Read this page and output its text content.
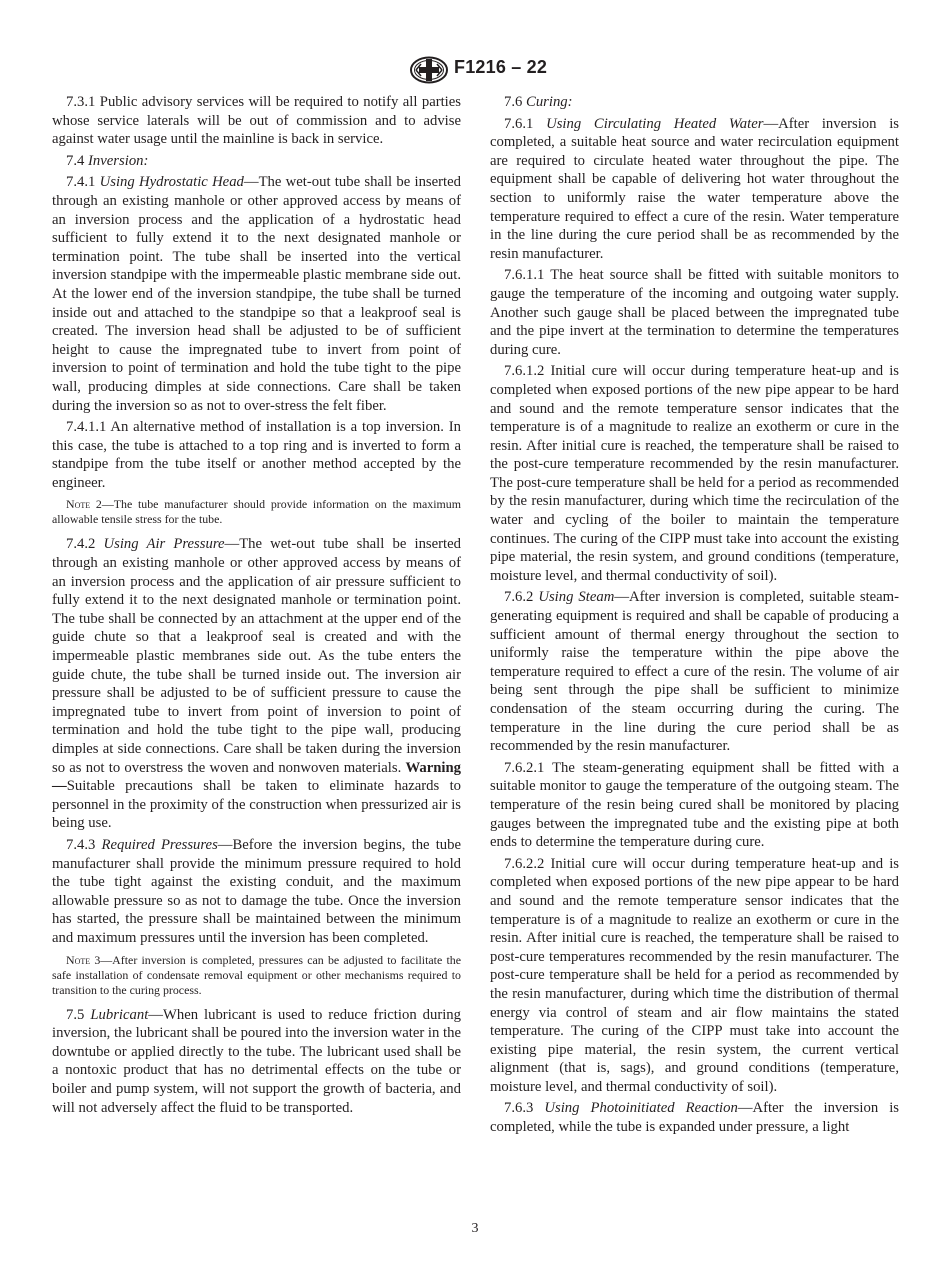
F1216 – 22

7.3.1 Public advisory services will be required to notify all parties whose service laterals will be out of commission and to advise against water usage until the mainline is back in service.

7.4 Inversion:

7.4.1 Using Hydrostatic Head—The wet-out tube shall be inserted through an existing manhole or other approved access by means of an inversion process and the application of a hydrostatic head sufficient to fully extend it to the next designated manhole or termination point. The tube shall be inserted into the vertical inversion standpipe with the impermeable plastic membrane side out. At the lower end of the inversion standpipe, the tube shall be turned inside out and attached to the standpipe so that a leakproof seal is created. The inversion head shall be adjusted to be of sufficient height to cause the impregnated tube to invert from point of inversion to point of termination and hold the tube tight to the pipe wall, producing dimples at side connections. Care shall be taken during the inversion so as not to over-stress the felt fiber.

7.4.1.1 An alternative method of installation is a top inversion. In this case, the tube is attached to a top ring and is inverted to form a standpipe from the tube itself or another method accepted by the engineer.

Note 2—The tube manufacturer should provide information on the maximum allowable tensile stress for the tube.

7.4.2 Using Air Pressure—The wet-out tube shall be inserted through an existing manhole or other approved access by means of an inversion process and the application of air pressure sufficient to fully extend it to the next designated manhole or termination point. The tube shall be connected by an attachment at the upper end of the guide chute so that a leakproof seal is created and with the impermeable plastic membranes side out. As the tube enters the guide chute, the tube shall be turned inside out. The inversion air pressure shall be adjusted to be of sufficient pressure to cause the impregnated tube to invert from point of inversion to point of termination and hold the tube tight to the pipe wall, producing dimples at side connections. Care shall be taken during the inversion so as not to overstress the woven and nonwoven materials. Warning—Suitable precautions shall be taken to eliminate hazards to personnel in the proximity of the construction when pressurized air is being use.

7.4.3 Required Pressures—Before the inversion begins, the tube manufacturer shall provide the minimum pressure required to hold the tube tight against the existing conduit, and the maximum allowable pressure so as not to damage the tube. Once the inversion has started, the pressure shall be maintained between the minimum and maximum pressures until the inversion has been completed.

Note 3—After inversion is completed, pressures can be adjusted to facilitate the safe installation of condensate removal equipment or other mechanisms required to transition to the curing process.

7.5 Lubricant—When lubricant is used to reduce friction during inversion, the lubricant shall be poured into the inversion water in the downtube or applied directly to the tube. The lubricant used shall be a nontoxic product that has no detrimental effects on the tube or boiler and pump system, will not support the growth of bacteria, and will not adversely affect the fluid to be transported.

7.6 Curing:

7.6.1 Using Circulating Heated Water—After inversion is completed, a suitable heat source and water recirculation equipment are required to circulate heated water throughout the pipe. The equipment shall be capable of delivering hot water throughout the section to uniformly raise the water temperature above the temperature required to effect a cure of the resin. Water temperature in the line during the cure period shall be as recommended by the resin manufacturer.

7.6.1.1 The heat source shall be fitted with suitable monitors to gauge the temperature of the incoming and outgoing water supply. Another such gauge shall be placed between the impregnated tube and the pipe invert at the termination to determine the temperatures during cure.

7.6.1.2 Initial cure will occur during temperature heat-up and is completed when exposed portions of the new pipe appear to be hard and sound and the remote temperature sensor indicates that the temperature is of a magnitude to realize an exotherm or cure in the resin. After initial cure is reached, the temperature shall be raised to the post-cure temperature recommended by the resin manufacturer. The post-cure temperature shall be held for a period as recommended by the resin manufacturer, during which time the recirculation of the water and cycling of the boiler to maintain the temperature continues. The curing of the CIPP must take into account the existing pipe material, the resin system, and ground conditions (temperature, moisture level, and thermal conductivity of soil).

7.6.2 Using Steam—After inversion is completed, suitable steam-generating equipment is required and shall be capable of producing a sufficient amount of thermal energy throughout the section to uniformly raise the temperature within the pipe above the temperature required to effect a cure of the resin. The volume of air being sent through the pipe shall be sufficient to minimize condensation of the steam occurring during the curing. The temperature in the line during the cure period shall be as recommended by the resin manufacturer.

7.6.2.1 The steam-generating equipment shall be fitted with a suitable monitor to gauge the temperature of the outgoing steam. The temperature of the resin being cured shall be monitored by placing gauges between the impregnated tube and the existing pipe at both ends to determine the temperature during cure.

7.6.2.2 Initial cure will occur during temperature heat-up and is completed when exposed portions of the new pipe appear to be hard and sound and the remote temperature sensor indicates that the temperature is of a magnitude to realize an exotherm or cure in the resin. After initial cure is reached, the temperature shall be raised to post-cure temperatures recommended by the resin manufacturer. The post-cure temperature shall be held for a period as recommended by the resin manufacturer, during which time the distribution of thermal energy via control of steam and air flow maintains the stated temperature. The curing of the CIPP must take into account the existing pipe material, the resin system, the current vertical alignment (that is, sags), and ground conditions (temperature, moisture level, and thermal conductivity of soil).

7.6.3 Using Photoinitiated Reaction—After the inversion is completed, while the tube is expanded under pressure, a light

3
